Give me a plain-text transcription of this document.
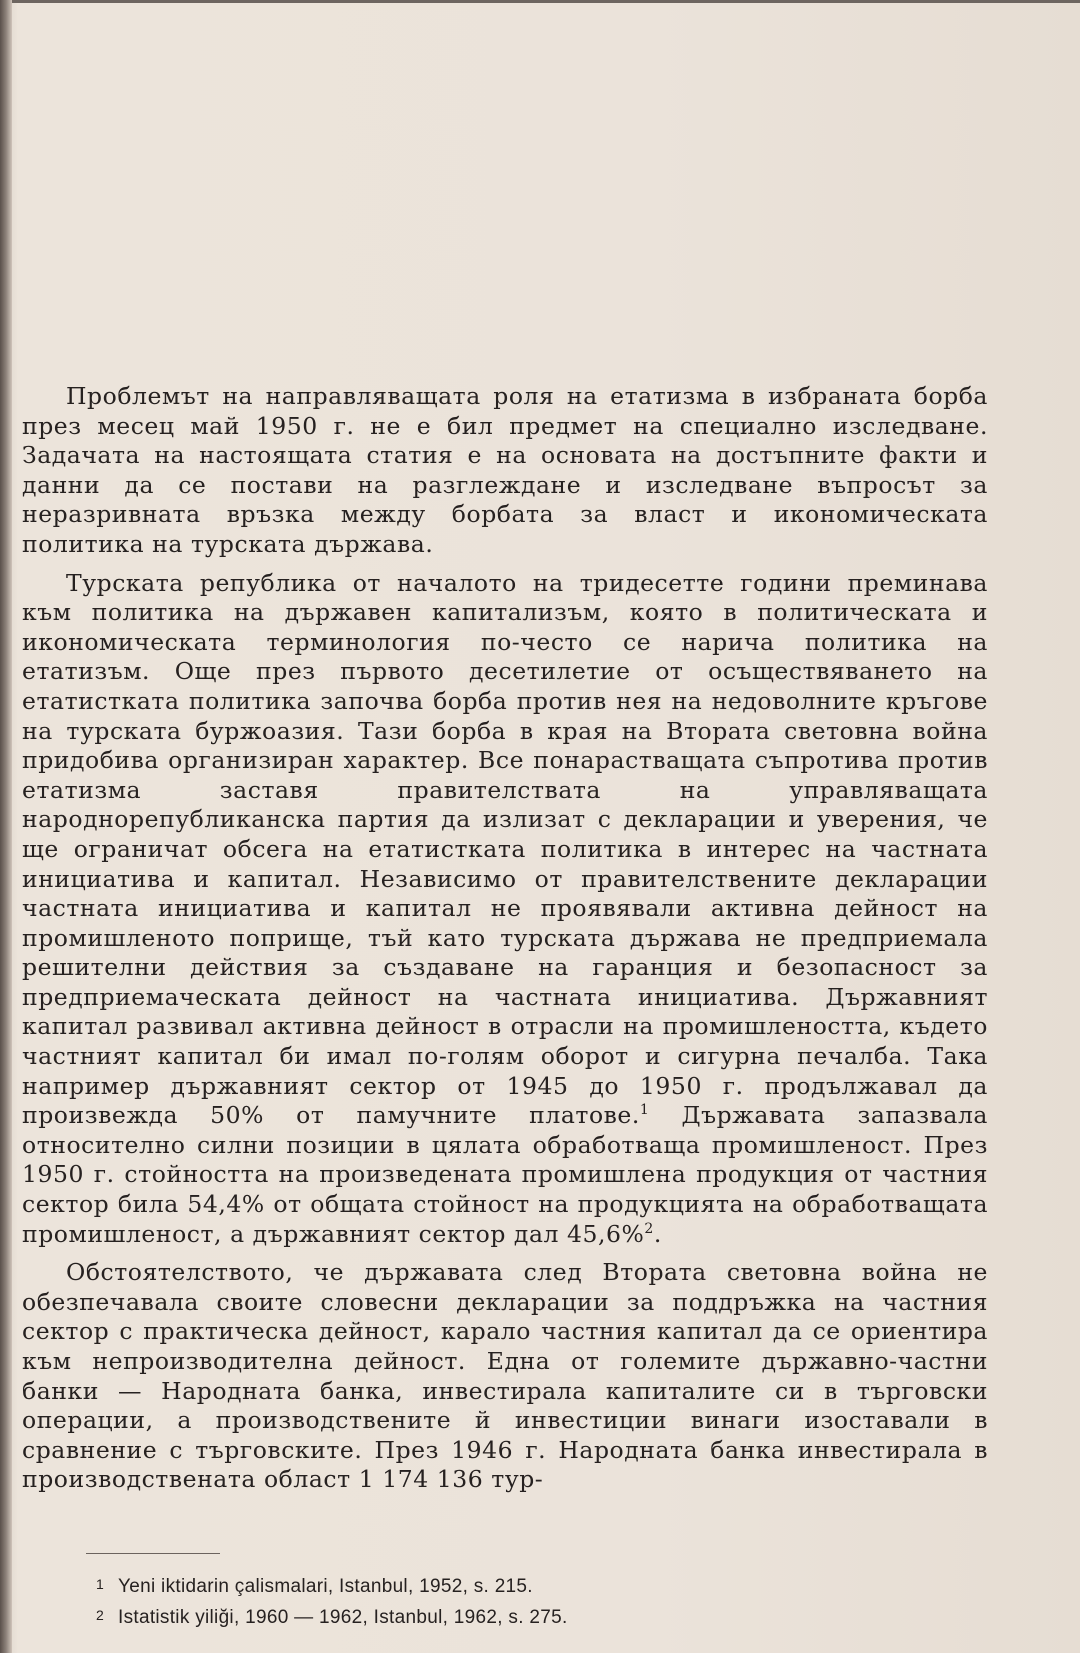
Проблемът на направляващата роля на етатизма в избраната борба през месец май 1950 г. не е бил предмет на специално изследване. Задачата на настоящата статия е на основата на достъпните факти и данни да се постави на разглеждане и изследване въпросът за неразривната връзка между борбата за власт и икономическата политика на турската държава.

Турската република от началото на тридесетте години преминава към политика на държавен капитализъм, която в политическата и икономическата терминология по-често се нарича политика на етатизъм. Още през първото десетилетие от осъществяването на етатистката политика започва борба против нея на недоволните кръгове на турската буржоазия. Тази борба в края на Втората световна война придобива организиран характер. Все понарастващата съпротива против етатизма заставя правителствата на управляващата народнорепубликанска партия да излизат с декларации и уверения, че ще ограничат обсега на етатистката политика в интерес на частната инициатива и капитал. Независимо от правителствените декларации частната инициатива и капитал не проявявали активна дейност на промишленото поприще, тъй като турската държава не предприемала решителни действия за създаване на гаранция и безопасност за предприемаческата дейност на частната инициатива. Държавният капитал развивал активна дейност в отрасли на промишлеността, където частният капитал би имал по-голям оборот и сигурна печалба. Така например държавният сектор от 1945 до 1950 г. продължавал да произвежда 50% от памучните платове.$^1$ Държавата запазвала относително силни позиции в цялата обработваща промишленост. През 1950 г. стойността на произведената промишлена продукция от частния сектор била 54,4% от общата стойност на продукцията на обработващата промишленост, а държавният сектор дал 45,6%$^2$.

Обстоятелството, че държавата след Втората световна война не обезпечавала своите словесни декларации за поддръжка на частния сектор с практическа дейност, карало частния капитал да се ориентира към непроизводителна дейност. Една от големите държавно-частни банки — Народната банка, инвестирала капиталите си в търговски операции, а производствените й инвестиции винаги изоставали в сравнение с търговските. През 1946 г. Народната банка инвестирала в производствената област 1 174 136 тур-

1 Yeni iktidarin çalismalari, Istanbul, 1952, s. 215.

2 Istatistik yiliği, 1960 — 1962, Istanbul, 1962, s. 275.
